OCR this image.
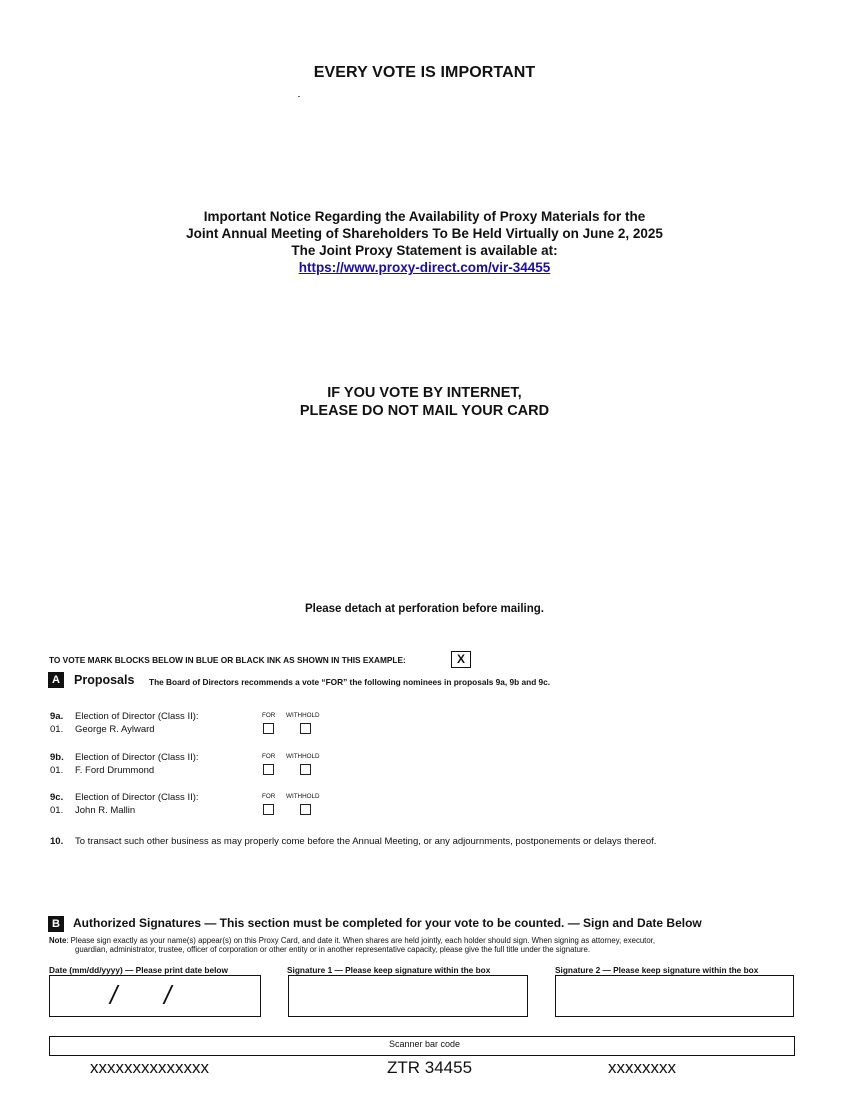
EVERY VOTE IS IMPORTANT
Important Notice Regarding the Availability of Proxy Materials for the
Joint Annual Meeting of Shareholders To Be Held Virtually on June 2, 2025
The Joint Proxy Statement is available at:
https://www.proxy-direct.com/vir-34455
IF YOU VOTE BY INTERNET,
PLEASE DO NOT MAIL YOUR CARD
Please detach at perforation before mailing.
TO VOTE MARK BLOCKS BELOW IN BLUE OR BLACK INK AS SHOWN IN THIS EXAMPLE:	X
A	Proposals The Board of Directors recommends a vote “FOR” the following nominees in proposals 9a, 9b and 9c.
9a. Election of Director (Class II):
01. George R. Aylward
FOR WITHHOLD
9b. Election of Director (Class II):
01. F. Ford Drummond
FOR WITHHOLD
9c. Election of Director (Class II):
01. John R. Mallin
FOR WITHHOLD
10. To transact such other business as may properly come before the Annual Meeting, or any adjournments, postponements or delays thereof.
B	Authorized Signatures — This section must be completed for your vote to be counted. — Sign and Date Below
Note: Please sign exactly as your name(s) appear(s) on this Proxy Card, and date it. When shares are held jointly, each holder should sign. When signing as attorney, executor,
guardian, administrator, trustee, officer of corporation or other entity or in another representative capacity, please give the full title under the signature.
Date (mm/dd/yyyy) — Please print date below	Signature 1 — Please keep signature within the box	Signature 2 — Please keep signature within the box
/ /
Scanner bar code
xxxxxxxxxxxxxx	ZTR 34455	xxxxxxxx
